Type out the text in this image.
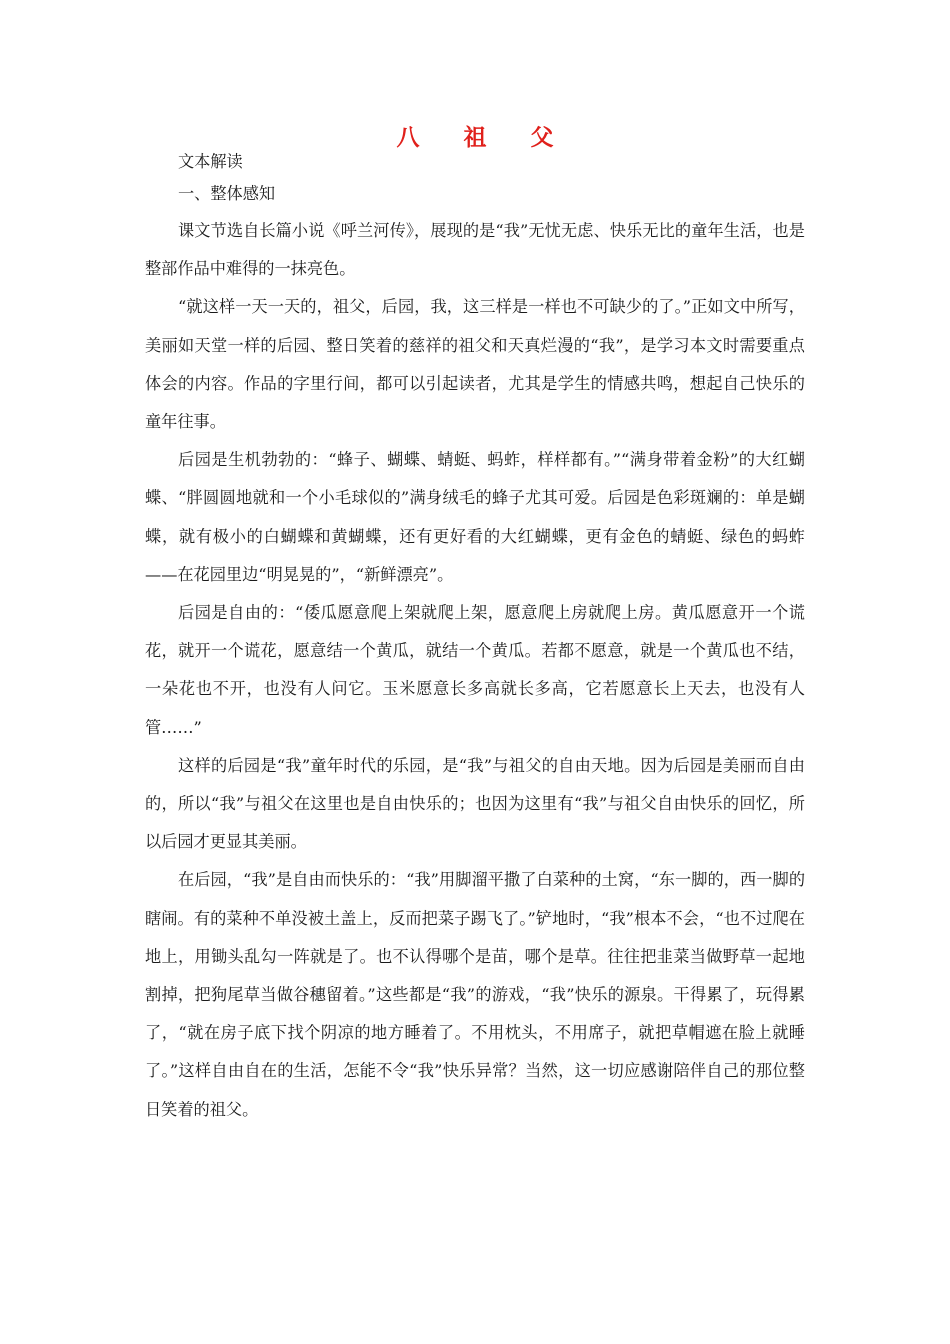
八 祖 父

文本解读

一、整体感知

课文节选自长篇小说《呼兰河传》，展现的是“我”无忧无虑、快乐无比的童年生活，也是整部作品中难得的一抹亮色。

“就这样一天一天的，祖父，后园，我，这三样是一样也不可缺少的了。”正如文中所写，美丽如天堂一样的后园、整日笑着的慈祥的祖父和天真烂漫的“我”，是学习本文时需要重点体会的内容。作品的字里行间，都可以引起读者，尤其是学生的情感共鸣，想起自己快乐的童年往事。

后园是生机勃勃的：“蜂子、蝴蝶、蜻蜓、蚂蚱，样样都有。”“满身带着金粉”的大红蝴蝶、“胖圆圆地就和一个小毛球似的”满身绒毛的蜂子尤其可爱。后园是色彩斑斓的：单是蝴蝶，就有极小的白蝴蝶和黄蝴蝶，还有更好看的大红蝴蝶，更有金色的蜻蜓、绿色的蚂蚱——在花园里边“明晃晃的”，“新鲜漂亮”。

后园是自由的：“倭瓜愿意爬上架就爬上架，愿意爬上房就爬上房。黄瓜愿意开一个谎花，就开一个谎花，愿意结一个黄瓜，就结一个黄瓜。若都不愿意，就是一个黄瓜也不结，一朵花也不开，也没有人问它。玉米愿意长多高就长多高，它若愿意长上天去，也没有人管……”

这样的后园是“我”童年时代的乐园，是“我”与祖父的自由天地。因为后园是美丽而自由的，所以“我”与祖父在这里也是自由快乐的；也因为这里有“我”与祖父自由快乐的回忆，所以后园才更显其美丽。

在后园，“我”是自由而快乐的：“我”用脚溜平撒了白菜种的土窝，“东一脚的，西一脚的瞎闹。有的菜种不单没被土盖上，反而把菜子踢飞了。”铲地时，“我”根本不会，“也不过爬在地上，用锄头乱勾一阵就是了。也不认得哪个是苗，哪个是草。往往把韭菜当做野草一起地割掉，把狗尾草当做谷穗留着。”这些都是“我”的游戏，“我”快乐的源泉。干得累了，玩得累了，“就在房子底下找个阴凉的地方睡着了。不用枕头，不用席子，就把草帽遮在脸上就睡了。”这样自由自在的生活，怎能不令“我”快乐异常？当然，这一切应感谢陪伴自己的那位整日笑着的祖父。
